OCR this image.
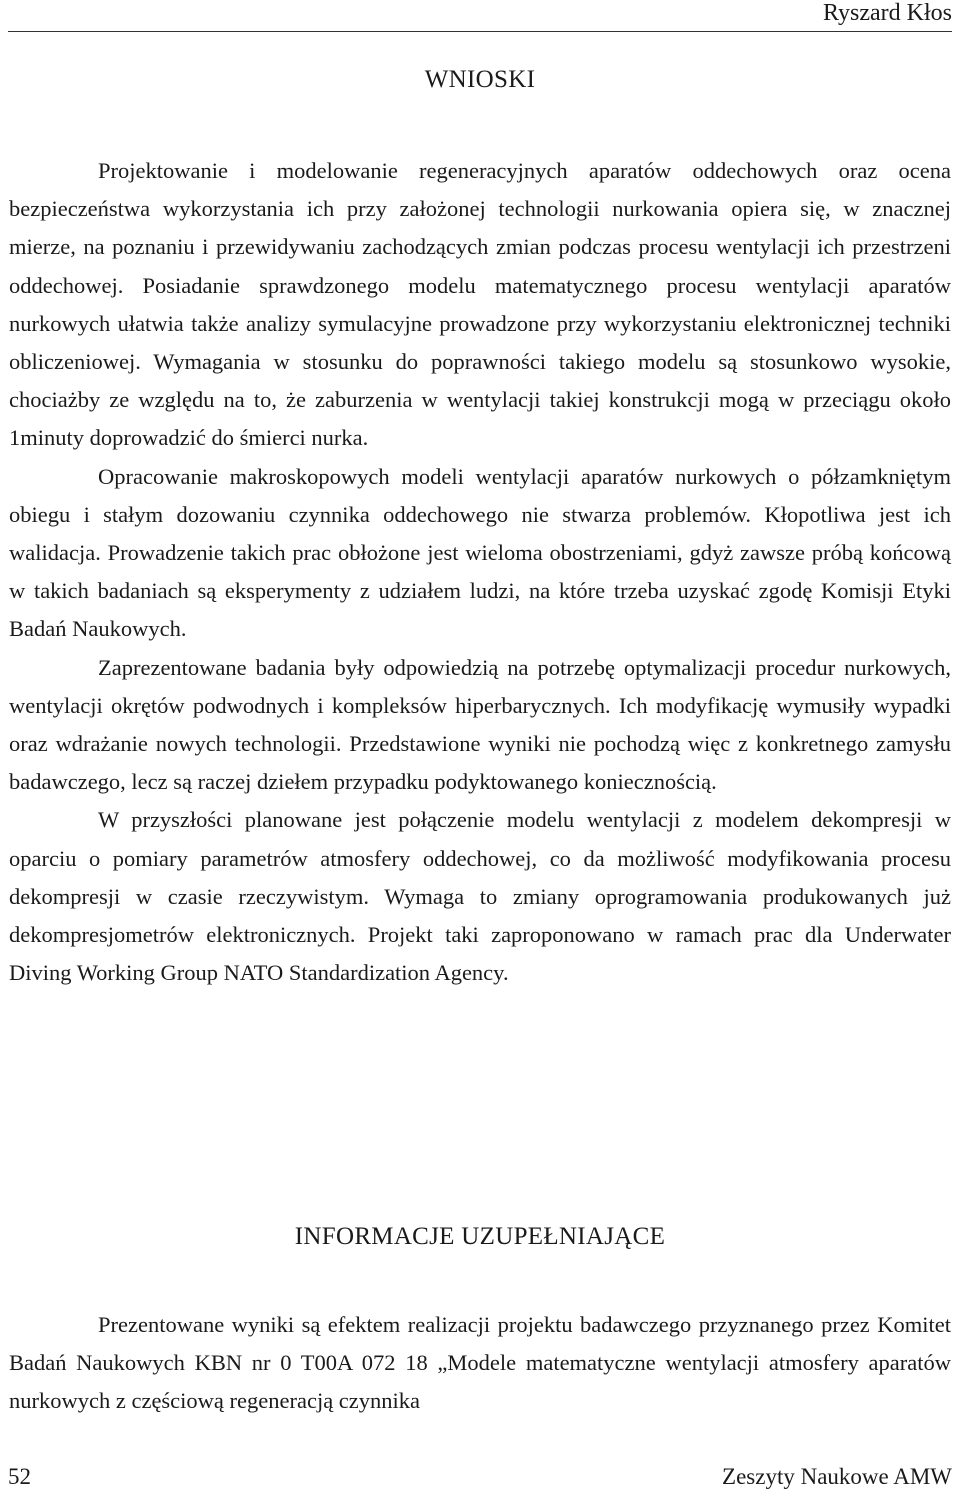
Ryszard Kłos
WNIOSKI

Projektowanie i modelowanie regeneracyjnych aparatów oddechowych oraz ocena bezpieczeństwa wykorzystania ich przy założonej technologii nurkowania opiera się, w znacznej mierze, na poznaniu i przewidywaniu zachodzących zmian podczas procesu wentylacji ich przestrzeni oddechowej. Posiadanie sprawdzonego modelu matematycznego procesu wentylacji aparatów nurkowych ułatwia także analizy symulacyjne prowadzone przy wykorzystaniu elektronicznej techniki obliczeniowej. Wymagania w stosunku do poprawności takiego modelu są stosunkowo wysokie, chociażby ze względu na to, że zaburzenia w wentylacji takiej konstrukcji mogą w przeciągu około 1minuty doprowadzić do śmierci nurka.

Opracowanie makroskopowych modeli wentylacji aparatów nurkowych o półzamkniętym obiegu i stałym dozowaniu czynnika oddechowego nie stwarza problemów. Kłopotliwa jest ich walidacja. Prowadzenie takich prac obłożone jest wieloma obostrzeniami, gdyż zawsze próbą końcową w takich badaniach są eksperymenty z udziałem ludzi, na które trzeba uzyskać zgodę Komisji Etyki Badań Naukowych.

Zaprezentowane badania były odpowiedzią na potrzebę optymalizacji procedur nurkowych, wentylacji okrętów podwodnych i kompleksów hiperbarycznych. Ich modyfikację wymusiły wypadki oraz wdrażanie nowych technologii. Przedstawione wyniki nie pochodzą więc z konkretnego zamysłu badawczego, lecz są raczej dziełem przypadku podyktowanego koniecznością.

W przyszłości planowane jest połączenie modelu wentylacji z modelem dekompresji w oparciu o pomiary parametrów atmosfery oddechowej, co da możliwość modyfikowania procesu dekompresji w czasie rzeczywistym. Wymaga to zmiany oprogramowania produkowanych już dekompresjometrów elektronicznych. Projekt taki zaproponowano w ramach prac dla Underwater Diving Working Group NATO Standardization Agency.

INFORMACJE UZUPEŁNIAJĄCE

Prezentowane wyniki są efektem realizacji projektu badawczego przyznanego przez Komitet Badań Naukowych KBN nr 0 T00A 072 18 „Modele matematyczne wentylacji atmosfery aparatów nurkowych z częściową regeneracją czynnika

52	Zeszyty Naukowe AMW
